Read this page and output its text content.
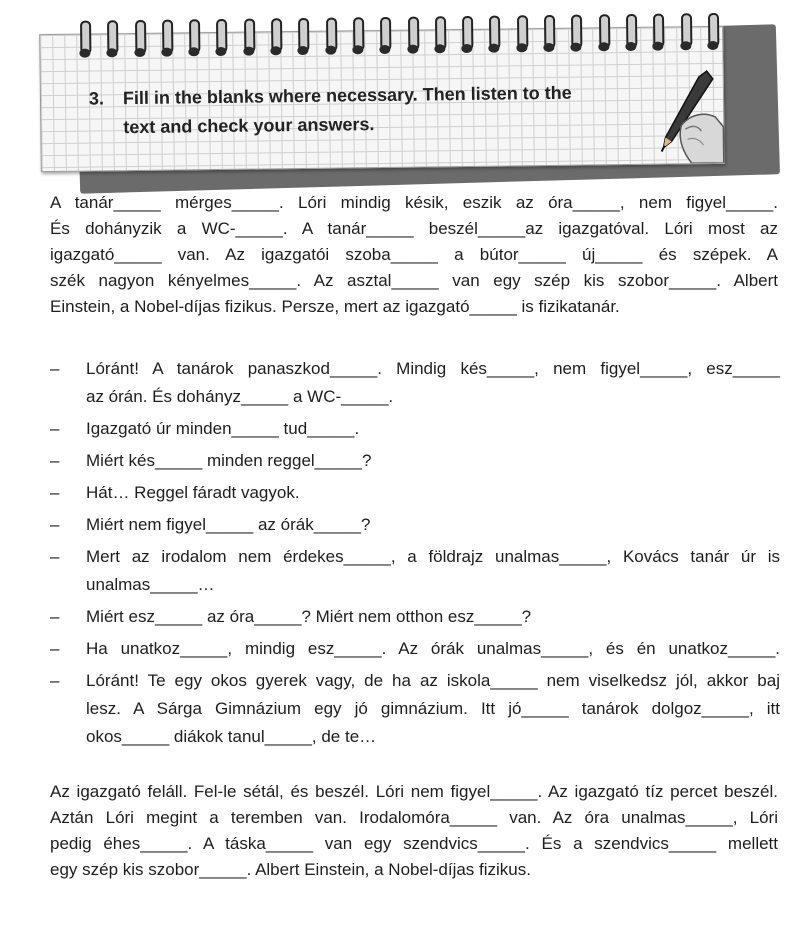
3. Fill in the blanks where necessary. Then listen to the
text and check your answers.
A tanár_____ mérges_____. Lóri mindig késik, eszik az óra_____, nem figyel_____.
És dohányzik a WC-_____. A tanár_____ beszél_____az igazgatóval. Lóri most az
igazgató_____ van. Az igazgatói szoba_____ a bútor_____ új_____ és szépek. A
szék nagyon kényelmes_____. Az asztal_____ van egy szép kis szobor_____. Albert
Einstein, a Nobel-díjas fizikus. Persze, mert az igazgató_____ is fizikatanár.
–	Lóránt! A tanárok panaszkod_____. Mindig kés_____, nem figyel_____, esz_____
az órán. És dohányz_____ a WC-_____.
–	Igazgató úr minden_____ tud_____.
–	Miért kés_____ minden reggel_____?
–	Hát… Reggel fáradt vagyok.
–	Miért nem figyel_____ az órák_____?
–	Mert az irodalom nem érdekes_____, a földrajz unalmas_____, Kovács tanár úr is
unalmas_____…
–	Miért esz_____ az óra_____? Miért nem otthon esz_____?
–	Ha unatkoz_____, mindig esz_____. Az órák unalmas_____, és én unatkoz_____.
–	Lóránt! Te egy okos gyerek vagy, de ha az iskola_____ nem viselkedsz jól, akkor baj
lesz. A Sárga Gimnázium egy jó gimnázium. Itt jó_____ tanárok dolgoz_____, itt
okos_____ diákok tanul_____, de te…
Az igazgató feláll. Fel-le sétál, és beszél. Lóri nem figyel_____. Az igazgató tíz percet beszél.
Aztán Lóri megint a teremben van. Irodalomóra_____ van. Az óra unalmas_____, Lóri
pedig éhes_____. A táska_____ van egy szendvics_____. És a szendvics_____ mellett
egy szép kis szobor_____. Albert Einstein, a Nobel-díjas fizikus.
